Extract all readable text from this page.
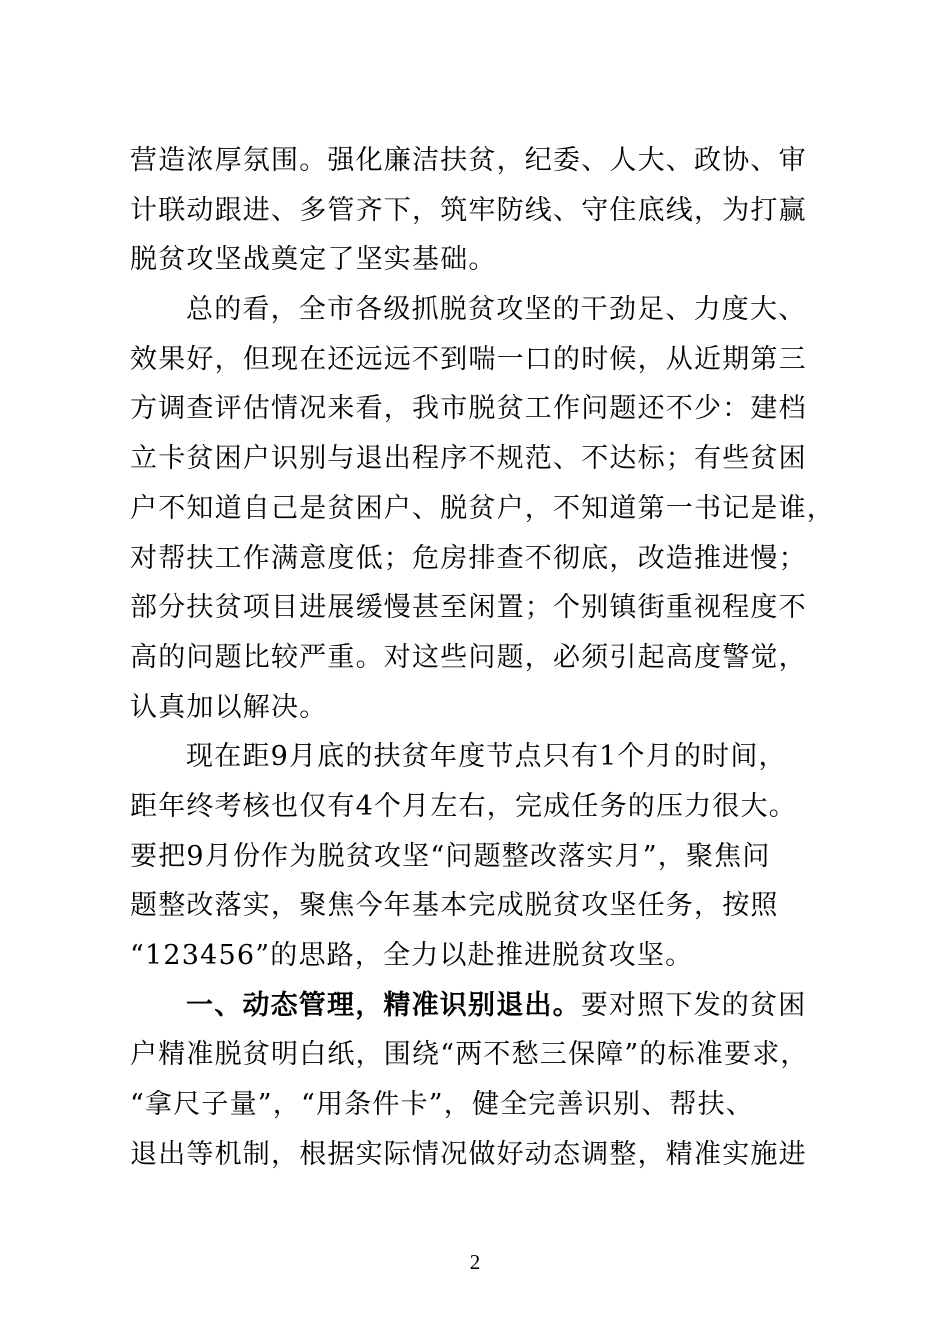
营造浓厚氛围。强化廉洁扶贫，纪委、人大、政协、审
计联动跟进、多管齐下，筑牢防线、守住底线，为打赢
脱贫攻坚战奠定了坚实基础。
总的看，全市各级抓脱贫攻坚的干劲足、力度大、
效果好，但现在还远远不到喘一口的时候，从近期第三
方调查评估情况来看，我市脱贫工作问题还不少：建档
立卡贫困户识别与退出程序不规范、不达标；有些贫困
户不知道自己是贫困户、脱贫户，不知道第一书记是谁，
对帮扶工作满意度低；危房排查不彻底，改造推进慢；
部分扶贫项目进展缓慢甚至闲置；个别镇街重视程度不
高的问题比较严重。对这些问题，必须引起高度警觉，
认真加以解决。
现在距9月底的扶贫年度节点只有1个月的时间，
距年终考核也仅有4个月左右，完成任务的压力很大。
要把9月份作为脱贫攻坚“问题整改落实月”，聚焦问
题整改落实，聚焦今年基本完成脱贫攻坚任务，按照
“123456”的思路，全力以赴推进脱贫攻坚。
一、动态管理，精准识别退出。要对照下发的贫困
户精准脱贫明白纸，围绕“两不愁三保障”的标准要求，
“拿尺子量”，“用条件卡”，健全完善识别、帮扶、
退出等机制，根据实际情况做好动态调整，精准实施进
2
